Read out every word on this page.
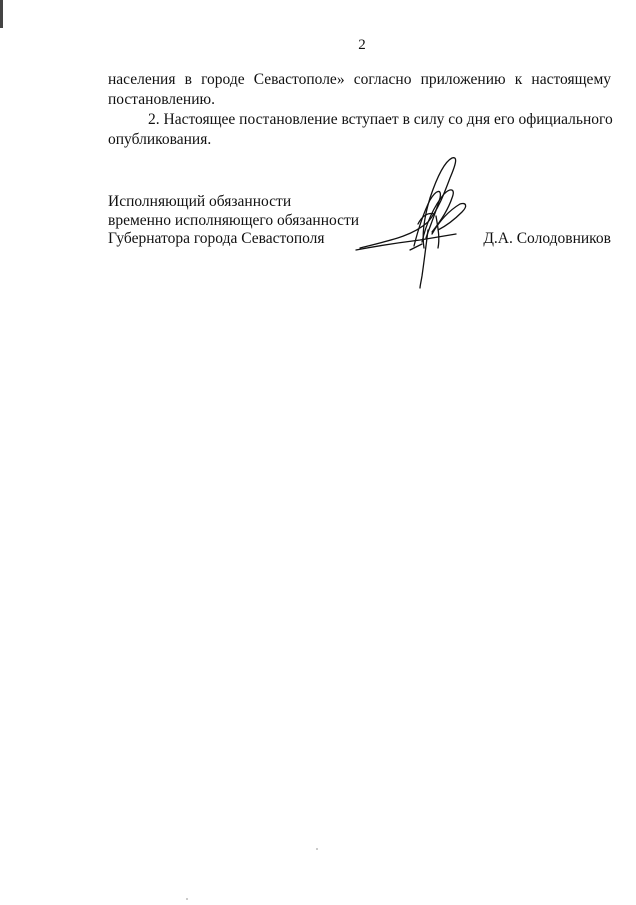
2
населения в городе Севастополе» согласно приложению к настоящему
постановлению.
2. Настоящее постановление вступает в силу со дня его официального
опубликования.
Исполняющий обязанности
временно исполняющего обязанности
Губернатора города Севастополя	Д.А. Солодовников
